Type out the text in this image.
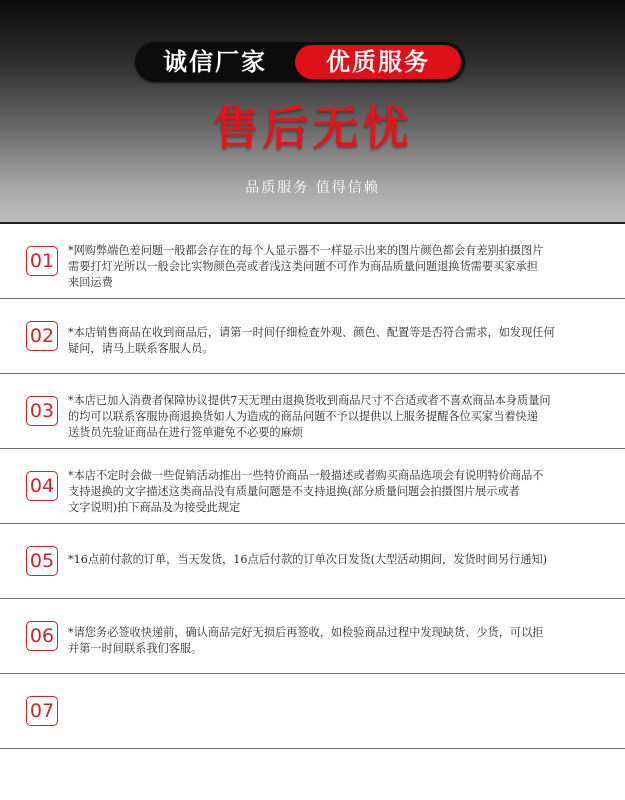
诚信厂家	优质服务
售后无忧
品质服务 值得信赖
01	*网购弊端色差问题一般都会存在的每个人显示器不一样显示出来的图片颜色都会有差别拍摄图片
需要打灯光所以一般会比实物颜色亮或者浅这类问题不可作为商品质量问题退换货需要买家承担
来回运费
02	*本店销售商品在收到商品后，请第一时间仔细检查外观、颜色、配置等是否符合需求，如发现任何
疑问，请马上联系客服人员。
03	*本店已加入消费者保障协议提供7天无理由退换货收到商品尺寸不合适或者不喜欢商品本身质量问
的均可以联系客服协商退换货如人为造成的商品问题不予以提供以上服务提醒各位买家当着快递
送货员先验证商品在进行签单避免不必要的麻烦
04	*本店不定时会做一些促销活动推出一些特价商品一般描述或者购买商品选项会有说明特价商品不
支持退换的文字描述这类商品没有质量问题是不支持退换(部分质量问题会拍摄图片展示或者
文字说明)拍下商品及为接受此规定
05	*16点前付款的订单，当天发货，16点后付款的订单次日发货(大型活动期间，发货时间另行通知)
06	*请您务必签收快递前，确认商品完好无损后再签收，如检验商品过程中发现缺货、少货，可以拒
并第一时间联系我们客服。
07
